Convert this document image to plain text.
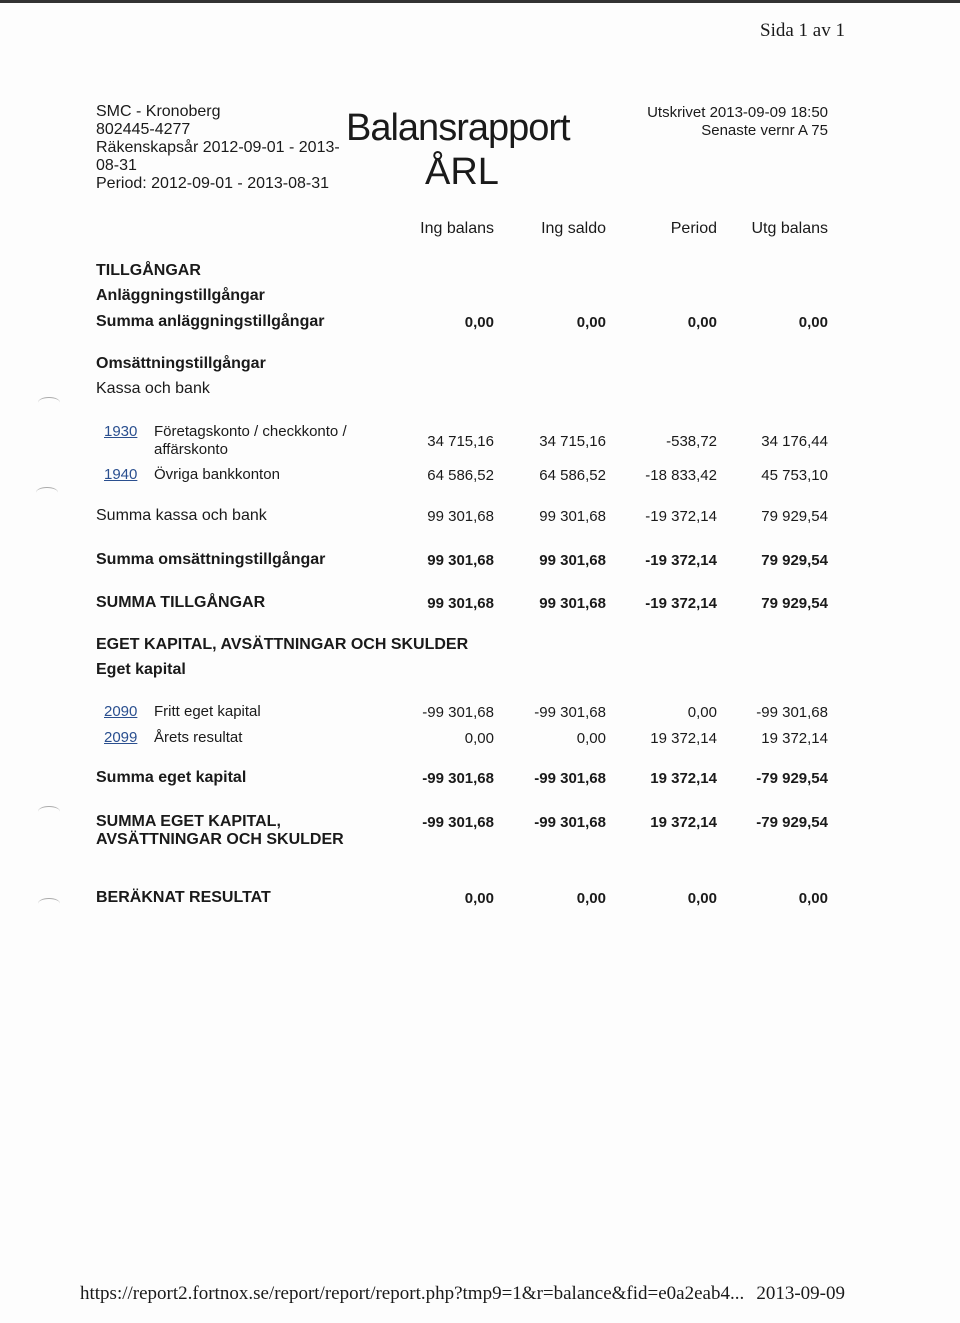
Sida 1 av 1
SMC - Kronoberg
802445-4277
Räkenskapsår 2012-09-01 - 2013-08-31
Period: 2012-09-01 - 2013-08-31
Balansrapport
ÅRL
Utskrivet 2013-09-09 18:50
Senaste vernr A 75
Ing balans	Ing saldo	Period Utg balans
TILLGÅNGAR
Anläggningstillgångar
Summa anläggningstillgångar	0,00	0,00	0,00	0,00
Omsättningstillgångar
Kassa och bank
1930 Företagskonto / checkkonto /
affärskonto	34 715,16	34 715,16	-538,72	34 176,44
1940 Övriga bankkonton	64 586,52	64 586,52	-18 833,42	45 753,10
Summa kassa och bank	99 301,68	99 301,68	-19 372,14	79 929,54
Summa omsättningstillgångar	99 301,68	99 301,68	-19 372,14	79 929,54
SUMMA TILLGÅNGAR	99 301,68	99 301,68	-19 372,14	79 929,54
EGET KAPITAL, AVSÄTTNINGAR OCH SKULDER
Eget kapital
2090 Fritt eget kapital	-99 301,68	-99 301,68	0,00	-99 301,68
2099 Årets resultat	0,00	0,00	19 372,14	19 372,14
Summa eget kapital	-99 301,68	-99 301,68	19 372,14	-79 929,54
SUMMA EGET KAPITAL,
AVSÄTTNINGAR OCH SKULDER
-99 301,68	-99 301,68	19 372,14	-79 929,54
BERÄKNAT RESULTAT	0,00	0,00	0,00	0,00
https://report2.fortnox.se/report/report/report.php?tmp9=1&r=balance&fid=e0a2eab4... 2013-09-09
